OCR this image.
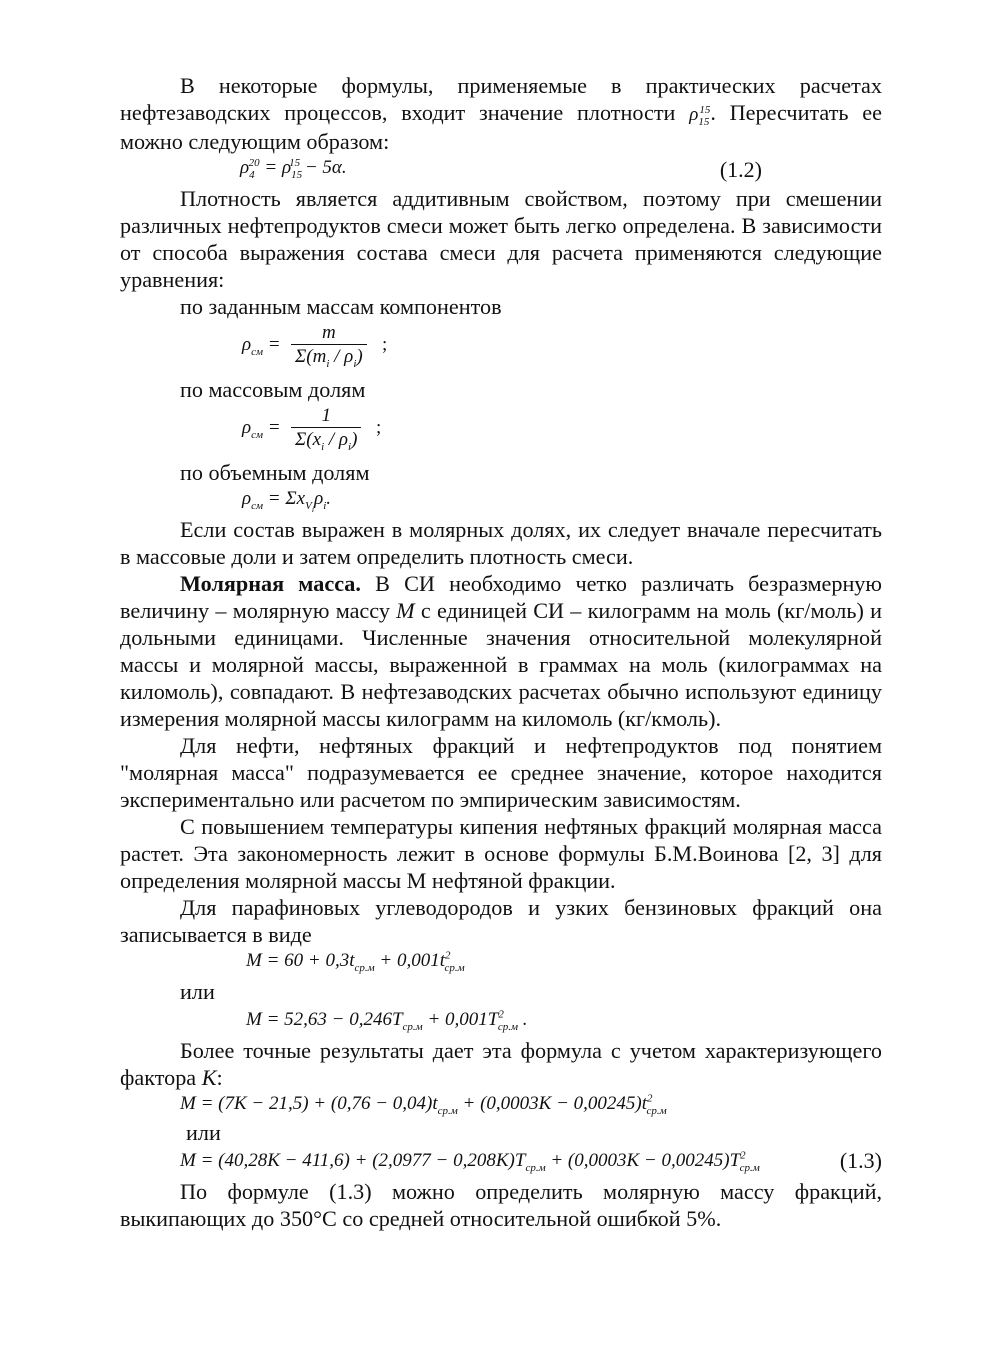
В некоторые формулы, применяемые в практических расчетах нефтезаводских процессов, входит значение плотности $\rho_{15}^{15}$. Пересчитать ее можно следующим образом:

$\rho_4^{20} = \rho_{15}^{15} - 5\alpha$.	(1.2)

Плотность является аддитивным свойством, поэтому при смешении различных нефтепродуктов смеси может быть легко определена. В зависимости от способа выражения состава смеси для расчета применяются следующие уравнения:

по заданным массам компонентов

$\rho_{см} = \frac{m}{\Sigma(m_i / \rho_i)}$ ;

по массовым долям

$\rho_{см} = \frac{1}{\Sigma(x_i / \rho_i)}$ ;

по объемным долям

$\rho_{см} = \Sigma x_{V_i}\rho_i$.

Если состав выражен в молярных долях, их следует вначале пересчитать в массовые доли и затем определить плотность смеси.

Молярная масса. В СИ необходимо четко различать безразмерную величину – молярную массу М с единицей СИ – килограмм на моль (кг/моль) и дольными единицами. Численные значения относительной молекулярной массы и молярной массы, выраженной в граммах на моль (килограммах на киломоль), совпадают. В нефтезаводских расчетах обычно используют единицу измерения молярной массы килограмм на киломоль (кг/кмоль).

Для нефти, нефтяных фракций и нефтепродуктов под понятием "молярная масса" подразумевается ее среднее значение, которое находится экспериментально или расчетом по эмпирическим зависимостям.

С повышением температуры кипения нефтяных фракций молярная масса растет. Эта закономерность лежит в основе формулы Б.М.Воинова [2, 3] для определения молярной массы М нефтяной фракции.

Для парафиновых углеводородов и узких бензиновых фракций она записывается в виде

$M = 60 + 0,3t_{ср.м} + 0,001t^2_{ср.м}$

или

$M = 52,63 - 0,246T_{ср.м} + 0,001T^2_{ср.м}$ .

Более точные результаты дает эта формула с учетом характеризующего фактора К:

$M = (7K - 21,5) + (0,76 - 0,04)t_{ср.м} + (0,0003K - 0,00245)t^2_{ср.м}$

или

$M = (40,28K - 411,6) + (2,0977 - 0,208K)T_{ср.м} + (0,0003K - 0,00245)T^2_{ср.м}$	(1.3)

По формуле (1.3) можно определить молярную массу фракций, выкипающих до 350°С со средней относительной ошибкой 5%.
